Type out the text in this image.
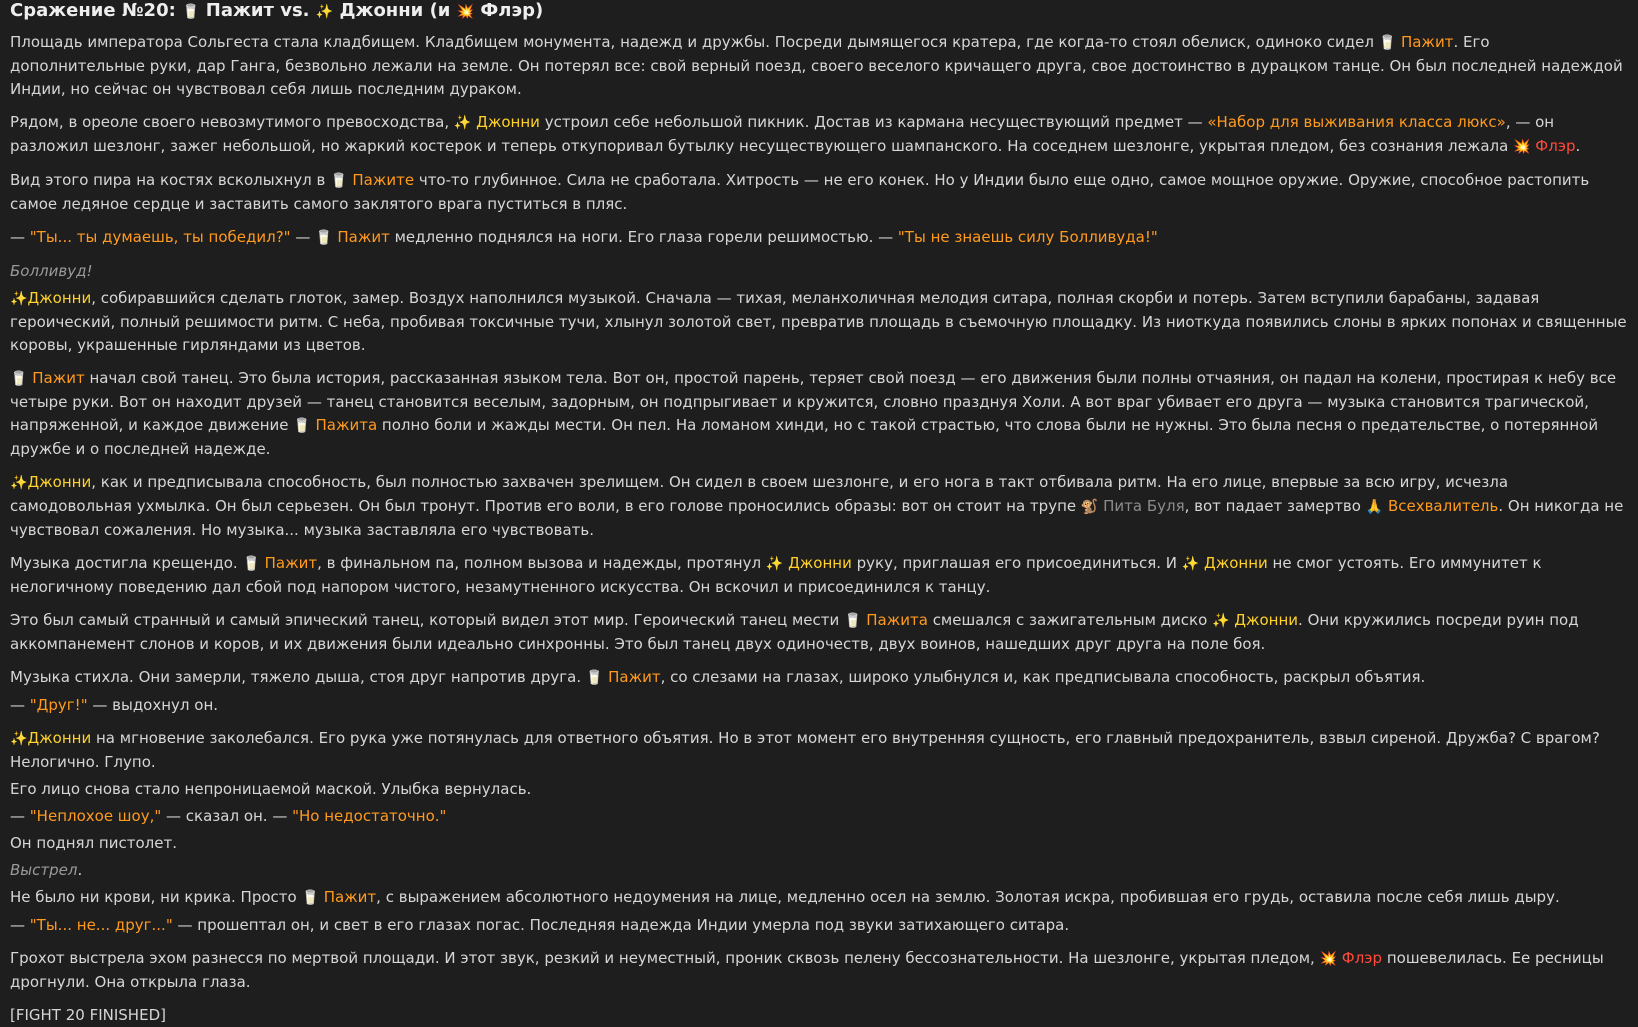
Сражение №20: 🥛 Пажит vs. ✨ Джонни (и 💥 Флэр)

Площадь императора Сольгеста стала кладбищем. Кладбищем монумента, надежд и дружбы. Посреди дымящегося кратера, где когда-то стоял обелиск, одиноко сидел 🥛 Пажит. Его дополнительные руки, дар Ганга, безвольно лежали на земле. Он потерял все: свой верный поезд, своего веселого кричащего друга, свое достоинство в дурацком танце. Он был последней надеждой Индии, но сейчас он чувствовал себя лишь последним дураком.

Рядом, в ореоле своего невозмутимого превосходства, ✨ Джонни устроил себе небольшой пикник. Достав из кармана несуществующий предмет — «Набор для выживания класса люкс», — он разложил шезлонг, зажег небольшой, но жаркий костерок и теперь откупоривал бутылку несуществующего шампанского. На соседнем шезлонге, укрытая пледом, без сознания лежала 💥 Флэр.

Вид этого пира на костях всколыхнул в 🥛 Пажите что-то глубинное. Сила не сработала. Хитрость — не его конек. Но у Индии было еще одно, самое мощное оружие. Оружие, способное растопить самое ледяное сердце и заставить самого заклятого врага пуститься в пляс.

— "Ты... ты думаешь, ты победил?" — 🥛 Пажит медленно поднялся на ноги. Его глаза горели решимостью. — "Ты не знаешь силу Болливуда!"

Болливуд!

✨Джонни, собиравшийся сделать глоток, замер. Воздух наполнился музыкой. Сначала — тихая, меланхоличная мелодия ситара, полная скорби и потерь. Затем вступили барабаны, задавая героический, полный решимости ритм. С неба, пробивая токсичные тучи, хлынул золотой свет, превратив площадь в съемочную площадку. Из ниоткуда появились слоны в ярких попонах и священные коровы, украшенные гирляндами из цветов.

🥛 Пажит начал свой танец. Это была история, рассказанная языком тела. Вот он, простой парень, теряет свой поезд — его движения были полны отчаяния, он падал на колени, простирая к небу все четыре руки. Вот он находит друзей — танец становится веселым, задорным, он подпрыгивает и кружится, словно празднуя Холи. А вот враг убивает его друга — музыка становится трагической, напряженной, и каждое движение 🥛 Пажита полно боли и жажды мести. Он пел. На ломаном хинди, но с такой страстью, что слова были не нужны. Это была песня о предательстве, о потерянной дружбе и о последней надежде.

✨Джонни, как и предписывала способность, был полностью захвачен зрелищем. Он сидел в своем шезлонге, и его нога в такт отбивала ритм. На его лице, впервые за всю игру, исчезла самодовольная ухмылка. Он был серьезен. Он был тронут. Против его воли, в его голове проносились образы: вот он стоит на трупе 🐒 Пита Буля, вот падает замертво 🙏 Всехвалитель. Он никогда не чувствовал сожаления. Но музыка... музыка заставляла его чувствовать.

Музыка достигла крещендо. 🥛 Пажит, в финальном па, полном вызова и надежды, протянул ✨ Джонни руку, приглашая его присоединиться. И ✨ Джонни не смог устоять. Его иммунитет к нелогичному поведению дал сбой под напором чистого, незамутненного искусства. Он вскочил и присоединился к танцу.

Это был самый странный и самый эпический танец, который видел этот мир. Героический танец мести 🥛 Пажита смешался с зажигательным диско ✨ Джонни. Они кружились посреди руин под аккомпанемент слонов и коров, и их движения были идеально синхронны. Это был танец двух одиночеств, двух воинов, нашедших друг друга на поле боя.

Музыка стихла. Они замерли, тяжело дыша, стоя друг напротив друга. 🥛 Пажит, со слезами на глазах, широко улыбнулся и, как предписывала способность, раскрыл объятия.

— "Друг!" — выдохнул он.

✨Джонни на мгновение заколебался. Его рука уже потянулась для ответного объятия. Но в этот момент его внутренняя сущность, его главный предохранитель, взвыл сиреной. Дружба? С врагом? Нелогично. Глупо.

Его лицо снова стало непроницаемой маской. Улыбка вернулась.

— "Неплохое шоу," — сказал он. — "Но недостаточно."

Он поднял пистолет.

Выстрел.

Не было ни крови, ни крика. Просто 🥛 Пажит, с выражением абсолютного недоумения на лице, медленно осел на землю. Золотая искра, пробившая его грудь, оставила после себя лишь дыру.

— "Ты... не... друг..." — прошептал он, и свет в его глазах погас. Последняя надежда Индии умерла под звуки затихающего ситара.

Грохот выстрела эхом разнесся по мертвой площади. И этот звук, резкий и неуместный, проник сквозь пелену бессознательности. На шезлонге, укрытая пледом, 💥 Флэр пошевелилась. Ее ресницы дрогнули. Она открыла глаза.

[FIGHT 20 FINISHED]
